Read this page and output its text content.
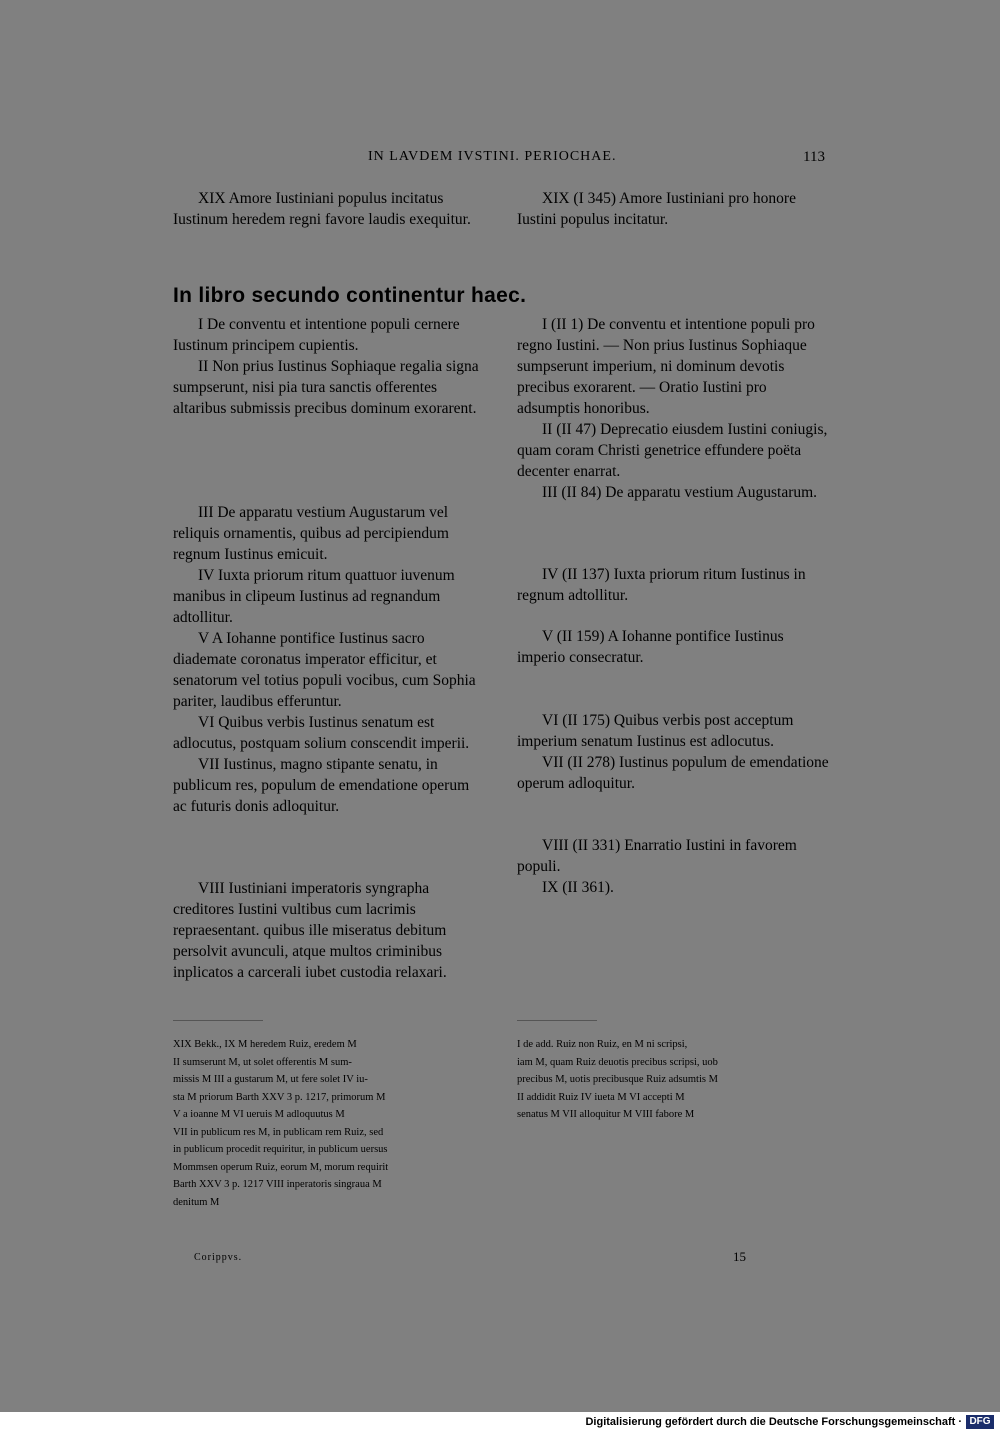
IN LAVDEM IVSTINI. PERIOCHAE.	113

XIX Amore Iustiniani populus incitatus Iustinum heredem regni favore laudis exequitur.

XIX (I 345) Amore Iustiniani pro honore Iustini populus incitatur.

In libro secundo continentur haec.

I De conventu et intentione populi cernere Iustinum principem cupientis.

II Non prius Iustinus Sophiaque regalia signa sumpserunt, nisi pia tura sanctis offerentes altaribus submissis precibus dominum exorarent.

III De apparatu vestium Augustarum vel reliquis ornamentis, quibus ad percipiendum regnum Iustinus emicuit.

IV Iuxta priorum ritum quattuor iuvenum manibus in clipeum Iustinus ad regnandum adtollitur.

V A Iohanne pontifice Iustinus sacro diademate coronatus imperator efficitur, et senatorum vel totius populi vocibus, cum Sophia pariter, laudibus efferuntur.

VI Quibus verbis Iustinus senatum est adlocutus, postquam solium conscendit imperii.

VII Iustinus, magno stipante senatu, in publicum res, populum de emendatione operum ac futuris donis adloquitur.

VIII Iustiniani imperatoris syngrapha creditores Iustini vultibus cum lacrimis repraesentant. quibus ille miseratus debitum persolvit avunculi, atque multos criminibus inplicatos a carcerali iubet custodia relaxari.

I (II 1) De conventu et intentione populi pro regno Iustini. — Non prius Iustinus Sophiaque sumpserunt imperium, ni dominum devotis precibus exorarent. — Oratio Iustini pro adsumptis honoribus.

II (II 47) Deprecatio eiusdem Iustini coniugis, quam coram Christi genetrice effundere poëta decenter enarrat.

III (II 84) De apparatu vestium Augustarum.

IV (II 137) Iuxta priorum ritum Iustinus in regnum adtollitur.

V (II 159) A Iohanne pontifice Iustinus imperio consecratur.

VI (II 175) Quibus verbis post acceptum imperium senatum Iustinus est adlocutus.

VII (II 278) Iustinus populum de emendatione operum adloquitur.

VIII (II 331) Enarratio Iustini in favorem populi.

IX (II 361).

XIX Bekk., IX M heredem Ruiz, eredem M
II sumserunt M, ut solet offerentis M sum-
missis M III a gustarum M, ut fere solet IV iu-
sta M priorum Barth XXV 3 p. 1217, primorum M
V a ioanne M VI ueruis M adloquutus M
VII in publicum res M, in publicam rem Ruiz, sed
in publicum procedit requiritur, in publicum uersus
Mommsen operum Ruiz, eorum M, morum requirit
Barth XXV 3 p. 1217 VIII inperatoris singraua M
denitum M
I de add. Ruiz non Ruiz, en M ni scripsi,
iam M, quam Ruiz deuotis precibus scripsi, uob
precibus M, uotis precibusque Ruiz adsumtis M
II addidit Ruiz IV iueta M VI accepti M
senatus M VII alloquitur M VIII fabore M
Corippvs.	15
Digitalisierung gefördert durch die Deutsche Forschungsgemeinschaft · DFG
